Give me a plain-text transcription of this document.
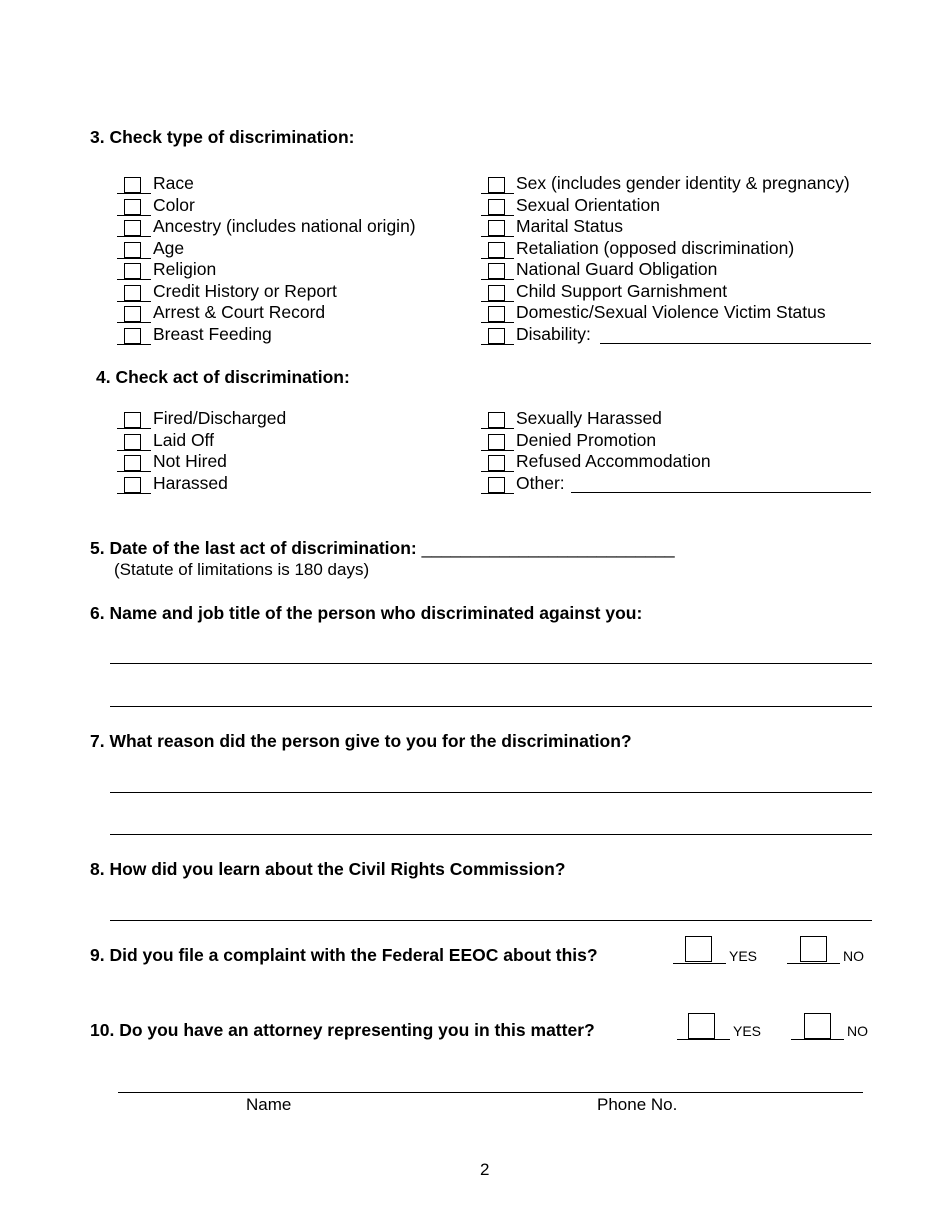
3. Check type of discrimination:
Race
Color
Ancestry (includes national origin)
Age
Religion
Credit History or Report
Arrest & Court Record
Breast Feeding
Sex (includes gender identity & pregnancy)
Sexual Orientation
Marital Status
Retaliation (opposed discrimination)
National Guard Obligation
Child Support Garnishment
Domestic/Sexual Violence Victim Status
Disability:
4. Check act of discrimination:
Fired/Discharged
Laid Off
Not Hired
Harassed
Sexually Harassed
Denied Promotion
Refused Accommodation
Other:
5. Date of the last act of discrimination: __________________________
(Statute of limitations is 180 days)
6. Name and job title of the person who discriminated against you:
7. What reason did the person give to you for the discrimination?
8. How did you learn about the Civil Rights Commission?
9. Did you file a complaint with the Federal EEOC about this?	YES	NO
10. Do you have an attorney representing you in this matter?	YES	NO
Name	Phone No.
2
